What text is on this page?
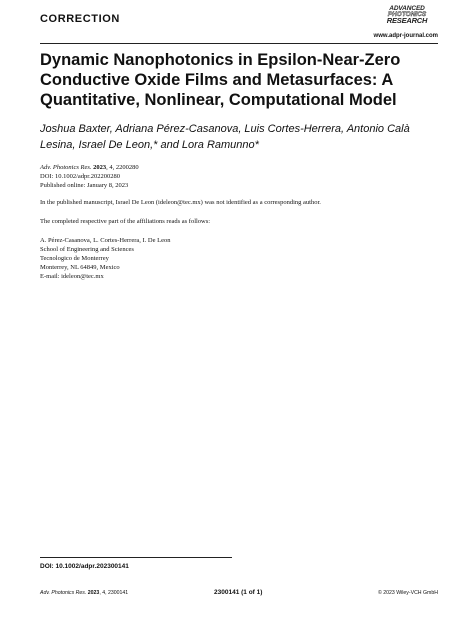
CORRECTION
ADVANCED
PHOTONICS
RESEARCH
www.adpr-journal.com
Dynamic Nanophotonics in Epsilon-Near-Zero Conductive Oxide Films and Metasurfaces: A Quantitative, Nonlinear, Computational Model
Joshua Baxter, Adriana Pérez-Casanova, Luis Cortes-Herrera, Antonio Calà Lesina, Israel De Leon,* and Lora Ramunno*
Adv. Photonics Res. 2023, 4, 2200280
DOI: 10.1002/adpr.202200280
Published online: January 8, 2023
In the published manuscript, Israel De Leon (ideleon@tec.mx) was not identified as a corresponding author.
The completed respective part of the affiliations reads as follows:
A. Pérez-Casanova, L. Cortes-Herrera, I. De Leon
School of Engineering and Sciences
Tecnologico de Monterrey
Monterrey, NL 64849, Mexico
E-mail: ideleon@tec.mx
DOI: 10.1002/adpr.202300141
Adv. Photonics Res. 2023, 4, 2300141	2300141 (1 of 1)	© 2023 Wiley-VCH GmbH
